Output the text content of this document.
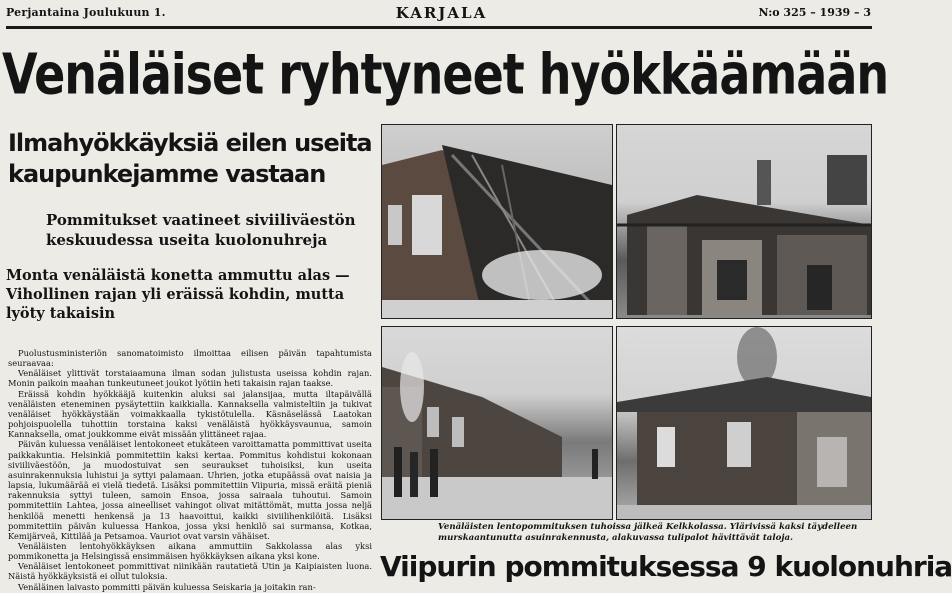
Perjantaina Joulukuun 1.	KARJALA	N:o 325 – 1939 – 3
Venäläiset ryhtyneet hyökkäämään
Ilmahyökkäyksiä eilen useita kaupunkejamme vastaan
Pommitukset vaatineet siviiliväestön keskuudessa useita kuolonuhreja
Monta venäläistä konetta ammuttu alas — Vihollinen rajan yli eräissä kohdin, mutta lyöty takaisin

Puolustusministeriön sanomatoimisto ilmoittaa eilisen päivän tapahtumista seuraavaa:

Venäläiset ylittivät torstaiaamuna ilman sodan julistusta useissa kohdin rajan. Monin paikoin maahan tunkeutuneet joukot lyötiin heti takaisin rajan taakse.

Eräissä kohdin hyökkääjä kuitenkin aluksi sai jalansijaa, mutta iltapäivällä venäläisten eteneminen pysäytettiin kaikkialla. Kannaksella valmisteltiin ja tukivat venäläiset hyökkäystään voimakkaalla tykistötulella. Käsnäselässä Laatokan pohjoispuolella tuhottiin torstaina kaksi venäläistä hyökkäysvaunua, samoin Kannaksella, omat joukkomme eivät missään ylittäneet rajaa.

Päivän kuluessa venäläiset lentokoneet etukäteen varoittamatta pommittivat useita paikkakuntia. Helsinkiä pommitettiin kaksi kertaa. Pommitus kohdistui kokonaan siviiliväestöön, ja muodostuivat sen seuraukset tuhoisiksi, kun useita asuinrakennuksia luhistui ja syttyi palamaan. Uhrien, jotka etupäässä ovat naisia ja lapsia, lukumäärää ei vielä tiedetä. Lisäksi pommitettiin Viipuria, missä eräitä pieniä rakennuksia syttyi tuleen, samoin Ensoa, jossa sairaala tuhoutui. Samoin pommitettiin Lahtea, jossa aineelliset vahingot olivat mitättömät, mutta jossa neljä henkilöä menetti henkensä ja 13 haavoittui, kaikki siviilihenkilöitä. Lisäksi pommitettiin päivän kuluessa Hankoa, jossa yksi henkilö sai surmansa, Kotkaa, Kemijärveä, Kittilää ja Petsamoa. Vauriot ovat varsin vähäiset.

Venäläisten lentohyökkäyksen aikana ammuttiin Sakkolassa alas yksi pommikonetta ja Helsingissä ensimmäisen hyökkäyksen aikana yksi kone.

Venäläiset lentokoneet pommittivat niinikään rautatietä Utin ja Kaipiaisten luona. Näistä hyökkäyksistä ei ollut tuloksia.

Venäläinen laivasto pommitti päivän kuluessa Seiskaria ja joitakin ran-

Venäläisten lentopommituksen tuhoissa jälkeä Kelkkolassa. Ylärivissä kaksi täydelleen murskaantunutta asuinrakennusta, alakuvassa tulipalot hävittävät taloja.
Viipurin pommituksessa 9 kuolonuhria
